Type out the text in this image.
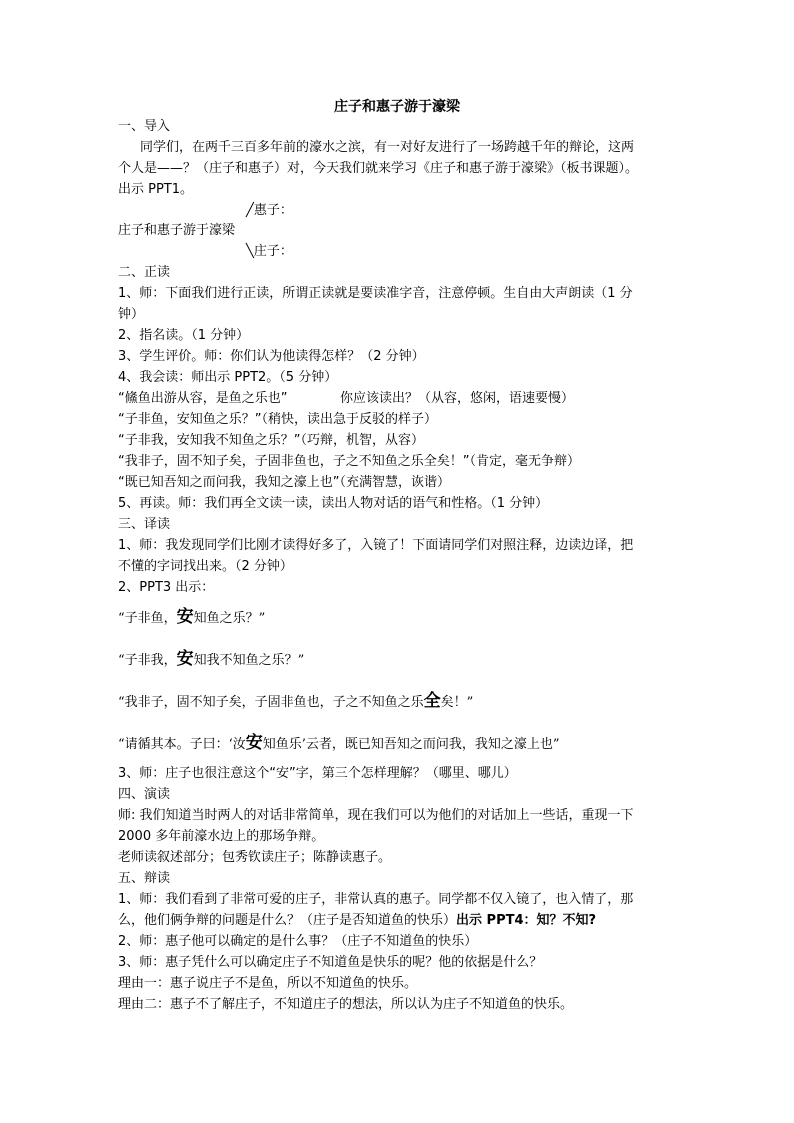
庄子和惠子游于濠梁
一、导入
同学们，在两千三百多年前的濠水之滨，有一对好友进行了一场跨越千年的辩论，这两
个人是——？（庄子和惠子）对，今天我们就来学习《庄子和惠子游于濠梁》（板书课题）。
出示 PPT1。
╱惠子：
庄子和惠子游于濠梁
╲庄子：
二、正读
1、师：下面我们进行正读，所谓正读就是要读准字音，注意停顿。生自由大声朗读（1 分
钟）
2、指名读。（1 分钟）
3、学生评价。师：你们认为他读得怎样？（2 分钟）
4、我会读：师出示 PPT2。（5 分钟）
“鯈鱼出游从容，是鱼之乐也”	你应该读出？（从容，悠闲，语速要慢）
“子非鱼，安知鱼之乐？”（稍快，读出急于反驳的样子）
“子非我，安知我不知鱼之乐？”（巧辩，机智，从容）
“我非子，固不知子矣，子固非鱼也，子之不知鱼之乐全矣！”（肯定，毫无争辩）
“既已知吾知之而问我，我知之濠上也”（充满智慧，诙谐）
5、再读。师：我们再全文读一读，读出人物对话的语气和性格。（1 分钟）
三、译读
1、师：我发现同学们比刚才读得好多了，入镜了！下面请同学们对照注释，边读边译，把
不懂的字词找出来。（2 分钟）
2、PPT3 出示：
“子非鱼，安知鱼之乐？”
“子非我，安知我不知鱼之乐？”
“我非子，固不知子矣，子固非鱼也，子之不知鱼之乐全矣！”
“请循其本。子曰：‘汝安知鱼乐’云者，既已知吾知之而问我，我知之濠上也”
3、师：庄子也很注意这个“安”字，第三个怎样理解？（哪里、哪儿）
四、演读
师: 我们知道当时两人的对话非常简单，现在我们可以为他们的对话加上一些话，重现一下
2000 多年前濠水边上的那场争辩。
老师读叙述部分；包秀钦读庄子；陈静读惠子。
五、辩读
1、师：我们看到了非常可爱的庄子，非常认真的惠子。同学都不仅入镜了，也入情了，那
么，他们俩争辩的问题是什么？（庄子是否知道鱼的快乐）出示 PPT4：知？不知?
2、师：惠子他可以确定的是什么事？（庄子不知道鱼的快乐）
3、师：惠子凭什么可以确定庄子不知道鱼是快乐的呢？他的依据是什么？
理由一：惠子说庄子不是鱼，所以不知道鱼的快乐。
理由二：惠子不了解庄子，不知道庄子的想法，所以认为庄子不知道鱼的快乐。
